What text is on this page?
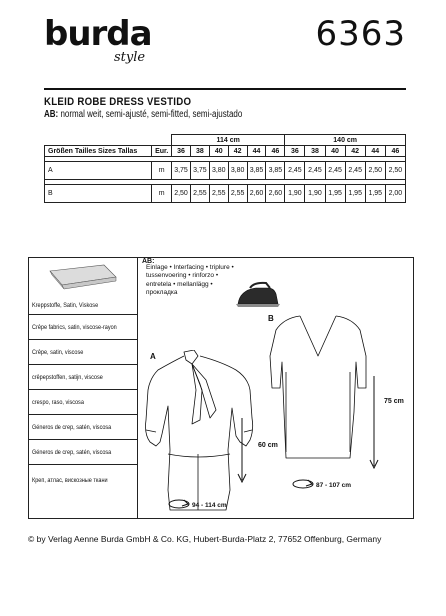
burda
style
6363
KLEID ROBE DRESS VESTIDO
AB: normal weit, semi-ajusté, semi-fitted, semi-ajustado
		114 cm						140 cm					
Größen Tailles Sizes Tallas	Eur.	36	38	40	42	44	46	36	38	40	42	44	46

A	m	3,75	3,75	3,80	3,80	3,85	3,85	2,45	2,45	2,45	2,45	2,50	2,50

B	m	2,50	2,55	2,55	2,55	2,60	2,60	1,90	1,90	1,95	1,95	1,95	2,00
Kreppstoffe, Satin, Viskose
Crêpe fabrics, satin, viscose-rayon
Crêpe, satin, viscose
crêpepstoffen, satijn, viscose
crespo, raso, viscosa
Géneros de crep, satén, viscosa
Géneros de crep, satén, viscosa
Креп, атлас, вискозные ткани
AB:
Einlage • Interfacing • triplure •
tussenvoering • rinforzo •
entretela • mellanlägg •
прокладка
A
B
60 cm
94 - 114 cm
75 cm
87 - 107 cm
© by Verlag Aenne Burda GmbH & Co. KG, Hubert-Burda-Platz 2, 77652 Offenburg, Germany
